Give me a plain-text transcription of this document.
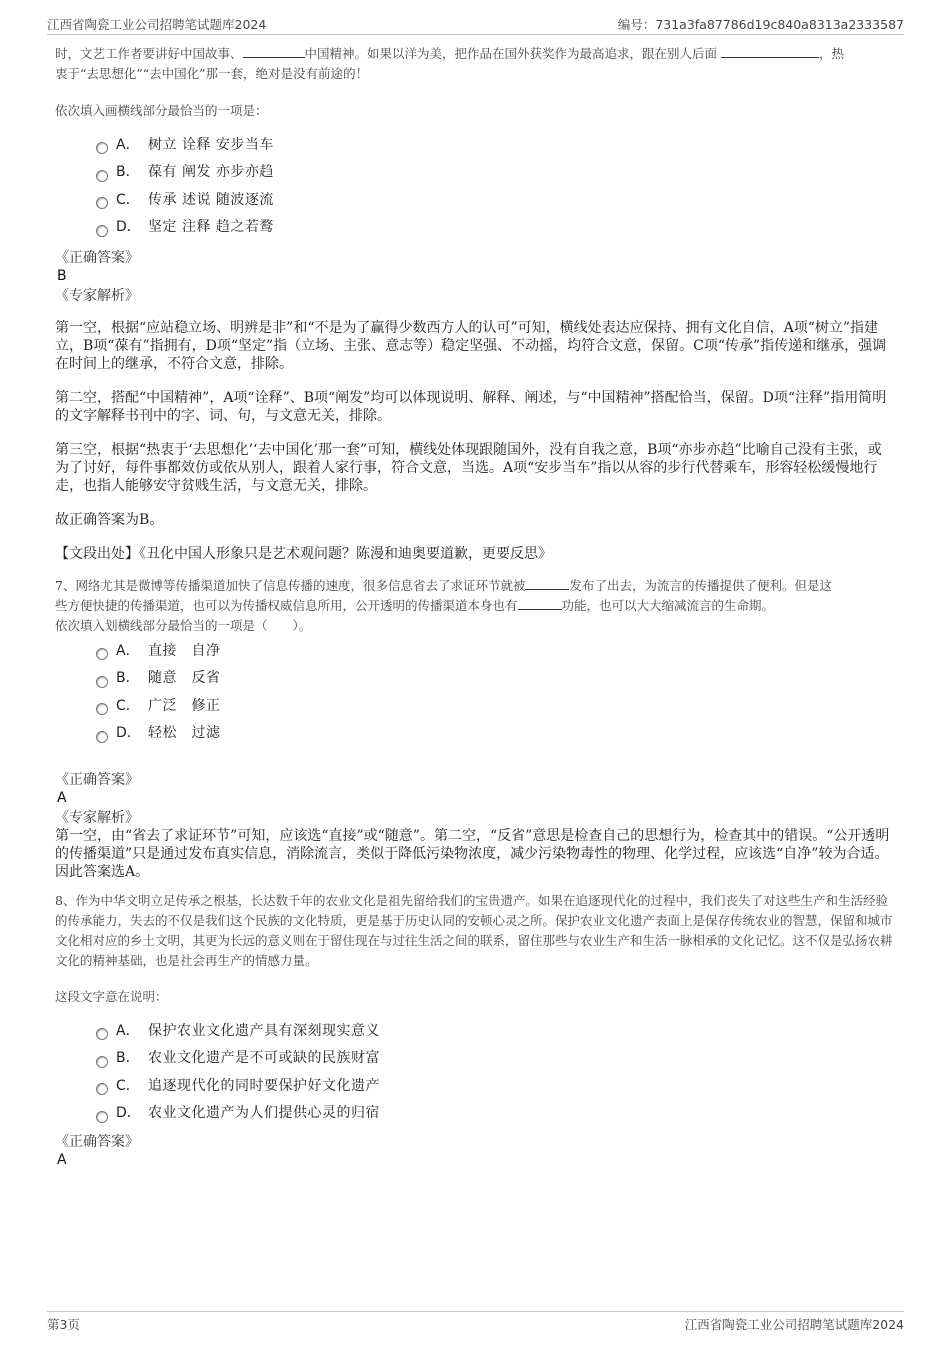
江西省陶瓷工业公司招聘笔试题库2024	编号：731a3fa87786d19c840a8313a2333587

时，文艺工作者要讲好中国故事、	中国精神。如果以洋为美，把作品在国外获奖作为最高追求，跟在别人后面	，热
衷于“去思想化”“去中国化”那一套，绝对是没有前途的！

依次填入画横线部分最恰当的一项是：

A． 树立 诠释 安步当车
B． 葆有 阐发 亦步亦趋
C． 传承 述说 随波逐流
D． 坚定 注释 趋之若鹜

《正确答案》

B

《专家解析》

第一空，根据“应站稳立场、明辨是非”和“不是为了赢得少数西方人的认可”可知，横线处表达应保持、拥有文化自信，A项“树立”指建立，B项“葆有”指拥有，D项“坚定”指（立场、主张、意志等）稳定坚强、不动摇，均符合文意，保留。C项“传承”指传递和继承，强调在时间上的继承，不符合文意，排除。

第二空，搭配“中国精神”，A项“诠释”、B项“阐发”均可以体现说明、解释、阐述，与“中国精神”搭配恰当，保留。D项“注释”指用简明的文字解释书刊中的字、词、句，与文意无关，排除。

第三空，根据“热衷于‘去思想化’‘去中国化’那一套”可知，横线处体现跟随国外，没有自我之意，B项“亦步亦趋”比喻自己没有主张，或为了讨好，每件事都效仿或依从别人，跟着人家行事，符合文意，当选。A项“安步当车”指以从容的步行代替乘车，形容轻松缓慢地行走，也指人能够安守贫贱生活，与文意无关，排除。

故正确答案为B。

【文段出处】《丑化中国人形象只是艺术观问题？陈漫和迪奥要道歉，更要反思》

7、网络尤其是微博等传播渠道加快了信息传播的速度，很多信息省去了求证环节就被	发布了出去，为流言的传播提供了便利。但是这
些方便快捷的传播渠道，也可以为传播权威信息所用，公开透明的传播渠道本身也有	功能，也可以大大缩减流言的生命期。
依次填入划横线部分最恰当的一项是（　　）。

A． 直接　自净
B． 随意　反省
C． 广泛　修正
D． 轻松　过滤

《正确答案》

A

《专家解析》

第一空，由“省去了求证环节”可知，应该选“直接”或“随意”。第二空，“反省”意思是检查自己的思想行为，检查其中的错误。“公开透明的传播渠道”只是通过发布真实信息，消除流言，类似于降低污染物浓度，减少污染物毒性的物理、化学过程，应该选“自净”较为合适。因此答案选A。

8、作为中华文明立足传承之根基，长达数千年的农业文化是祖先留给我们的宝贵遗产。如果在追逐现代化的过程中，我们丧失了对这些生产和生活经验的传承能力，失去的不仅是我们这个民族的文化特质，更是基于历史认同的安顿心灵之所。保护农业文化遗产表面上是保存传统农业的智慧，保留和城市文化相对应的乡土文明，其更为长远的意义则在于留住现在与过往生活之间的联系，留住那些与农业生产和生活一脉相承的文化记忆。这不仅是弘扬农耕文化的精神基础，也是社会再生产的情感力量。

这段文字意在说明：

A． 保护农业文化遗产具有深刻现实意义
B． 农业文化遗产是不可或缺的民族财富
C． 追逐现代化的同时要保护好文化遗产
D． 农业文化遗产为人们提供心灵的归宿

《正确答案》

A

第3页	江西省陶瓷工业公司招聘笔试题库2024
